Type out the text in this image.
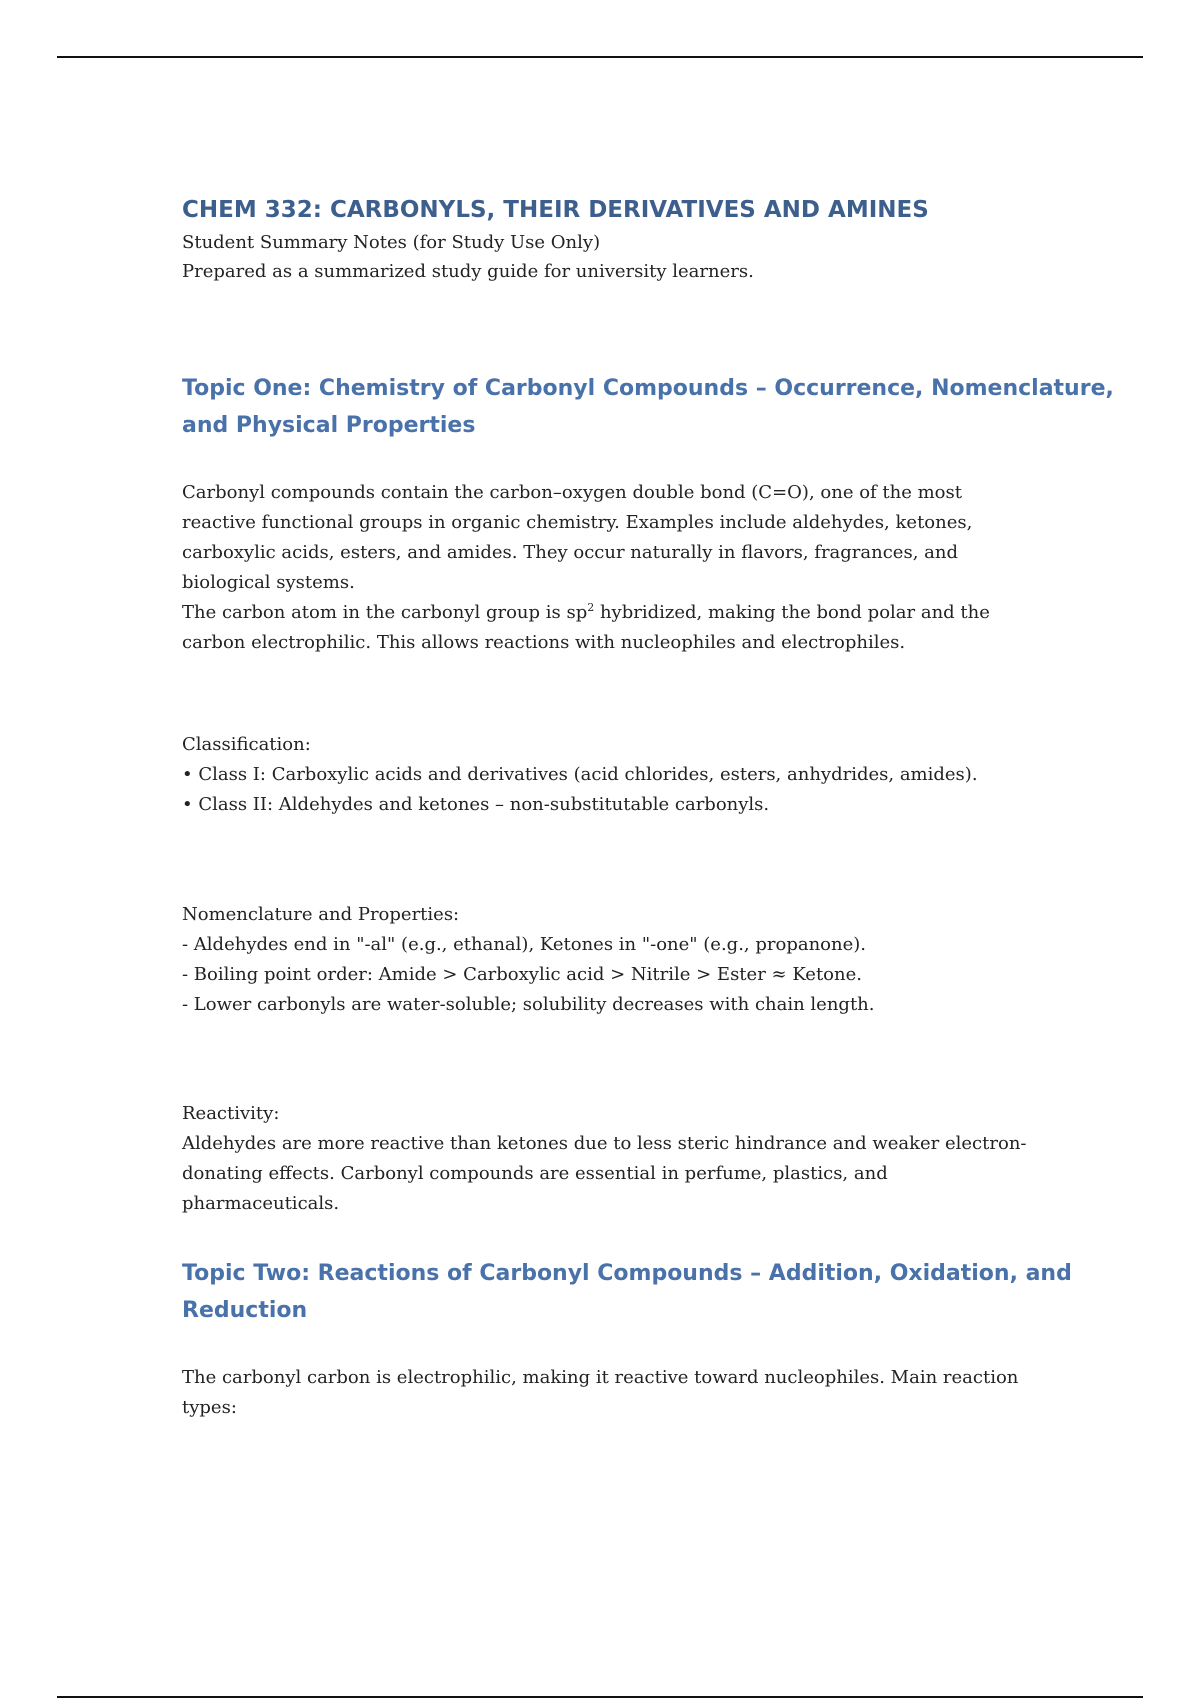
CHEM 332: CARBONYLS, THEIR DERIVATIVES AND AMINES

Student Summary Notes (for Study Use Only)

Prepared as a summarized study guide for university learners.

Topic One: Chemistry of Carbonyl Compounds – Occurrence, Nomenclature,
and Physical Properties
Carbonyl compounds contain the carbon–oxygen double bond (C=O), one of the most
reactive functional groups in organic chemistry. Examples include aldehydes, ketones,
carboxylic acids, esters, and amides. They occur naturally in flavors, fragrances, and
biological systems.
The carbon atom in the carbonyl group is $sp^2$ hybridized, making the bond polar and the
carbon electrophilic. This allows reactions with nucleophiles and electrophiles.
Classification:
• Class I: Carboxylic acids and derivatives (acid chlorides, esters, anhydrides, amides).
• Class II: Aldehydes and ketones – non-substitutable carbonyls.
Nomenclature and Properties:
- Aldehydes end in "-al" (e.g., ethanal), Ketones in "-one" (e.g., propanone).
- Boiling point order: Amide > Carboxylic acid > Nitrile > Ester ≈ Ketone.
- Lower carbonyls are water-soluble; solubility decreases with chain length.
Reactivity:
Aldehydes are more reactive than ketones due to less steric hindrance and weaker electron-
donating effects. Carbonyl compounds are essential in perfume, plastics, and
pharmaceuticals.
Topic Two: Reactions of Carbonyl Compounds – Addition, Oxidation, and
Reduction
The carbonyl carbon is electrophilic, making it reactive toward nucleophiles. Main reaction
types:
